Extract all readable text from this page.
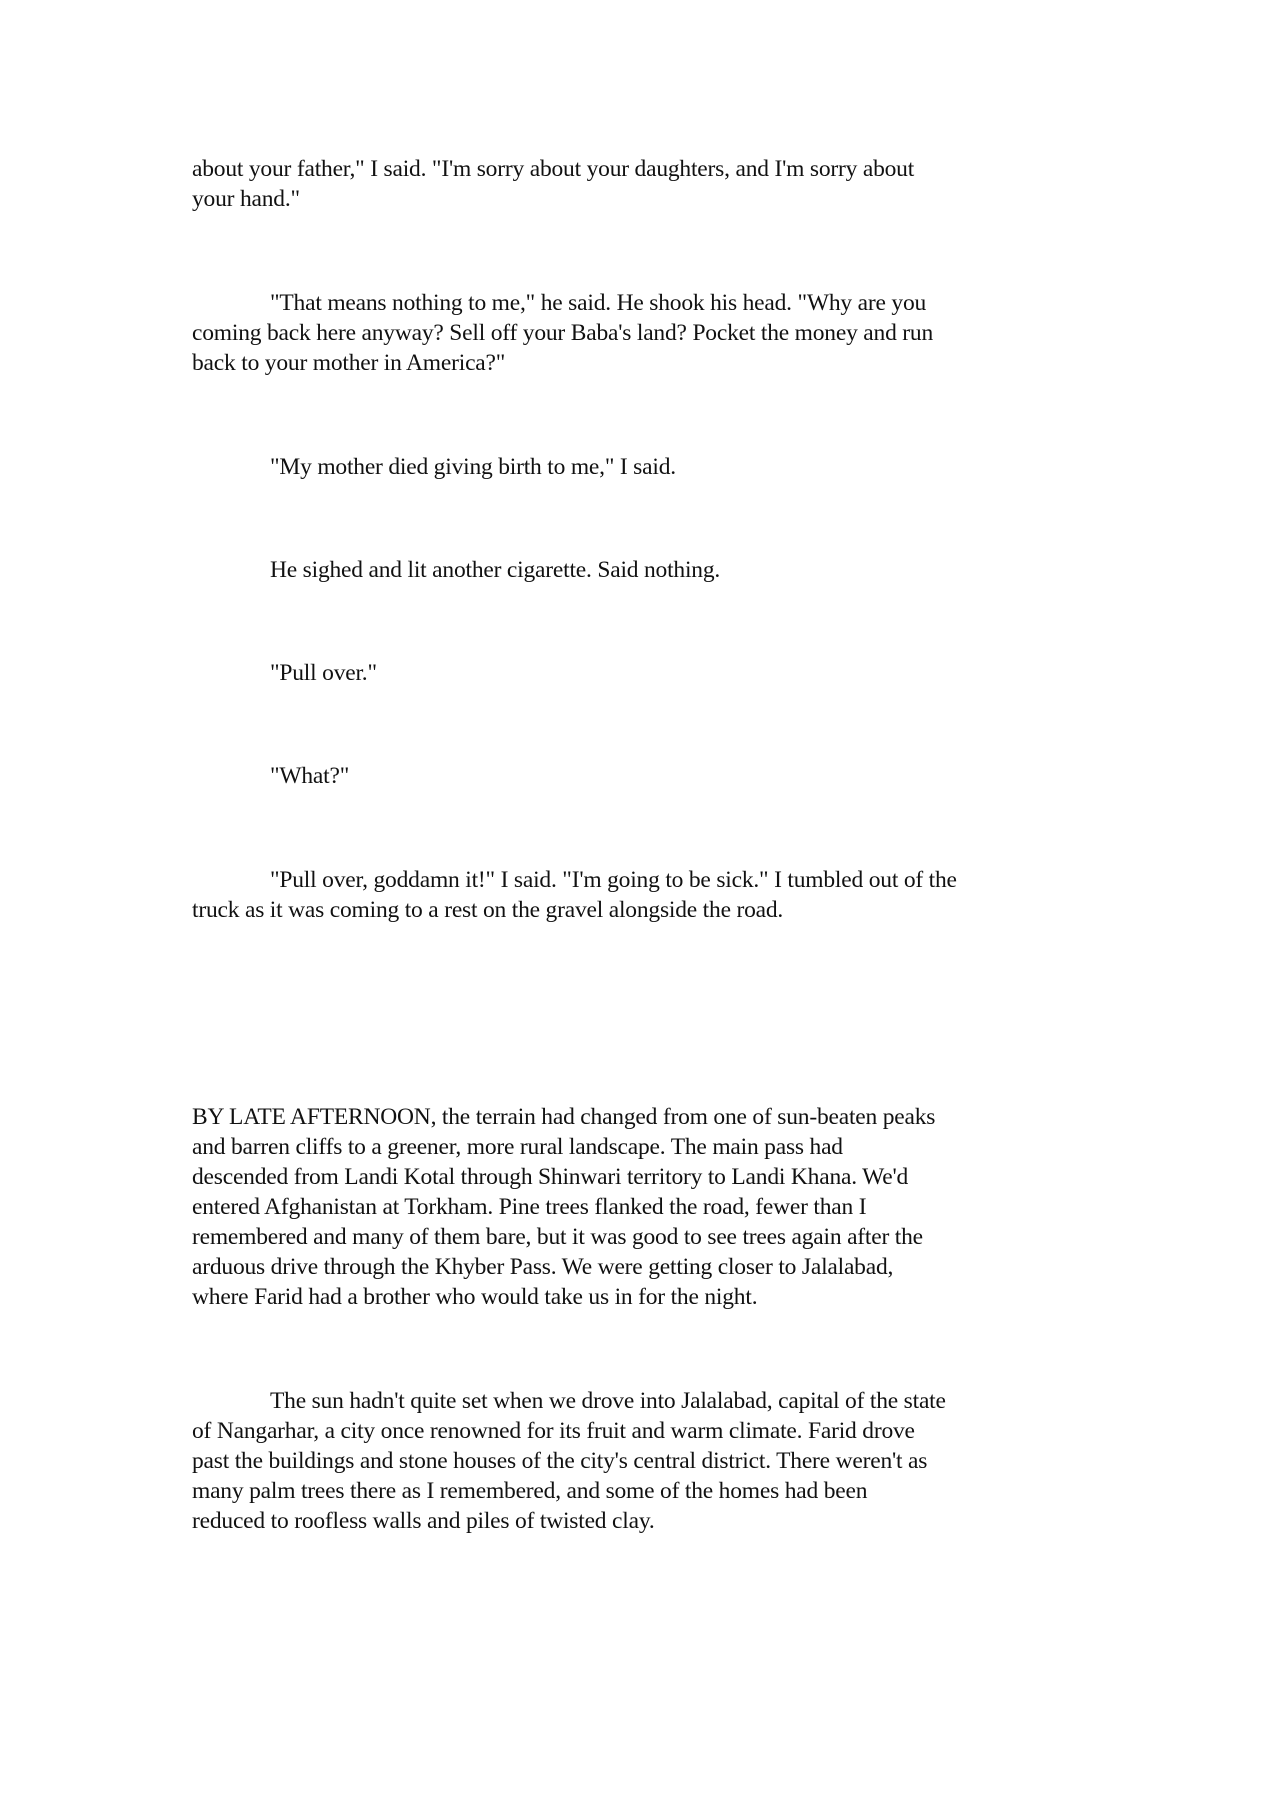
about your father," I said. "I'm sorry about your daughters, and I'm sorry about
your hand."

"That means nothing to me," he said. He shook his head. "Why are you
coming back here anyway? Sell off your Baba's land? Pocket the money and run
back to your mother in America?"

"My mother died giving birth to me," I said.

He sighed and lit another cigarette. Said nothing.

"Pull over."

"What?"

"Pull over, goddamn it!" I said. "I'm going to be sick." I tumbled out of the
truck as it was coming to a rest on the gravel alongside the road.

BY LATE AFTERNOON, the terrain had changed from one of sun-beaten peaks
and barren cliffs to a greener, more rural landscape. The main pass had
descended from Landi Kotal through Shinwari territory to Landi Khana. We'd
entered Afghanistan at Torkham. Pine trees flanked the road, fewer than I
remembered and many of them bare, but it was good to see trees again after the
arduous drive through the Khyber Pass. We were getting closer to Jalalabad,
where Farid had a brother who would take us in for the night.

The sun hadn't quite set when we drove into Jalalabad, capital of the state
of Nangarhar, a city once renowned for its fruit and warm climate. Farid drove
past the buildings and stone houses of the city's central district. There weren't as
many palm trees there as I remembered, and some of the homes had been
reduced to roofless walls and piles of twisted clay.
